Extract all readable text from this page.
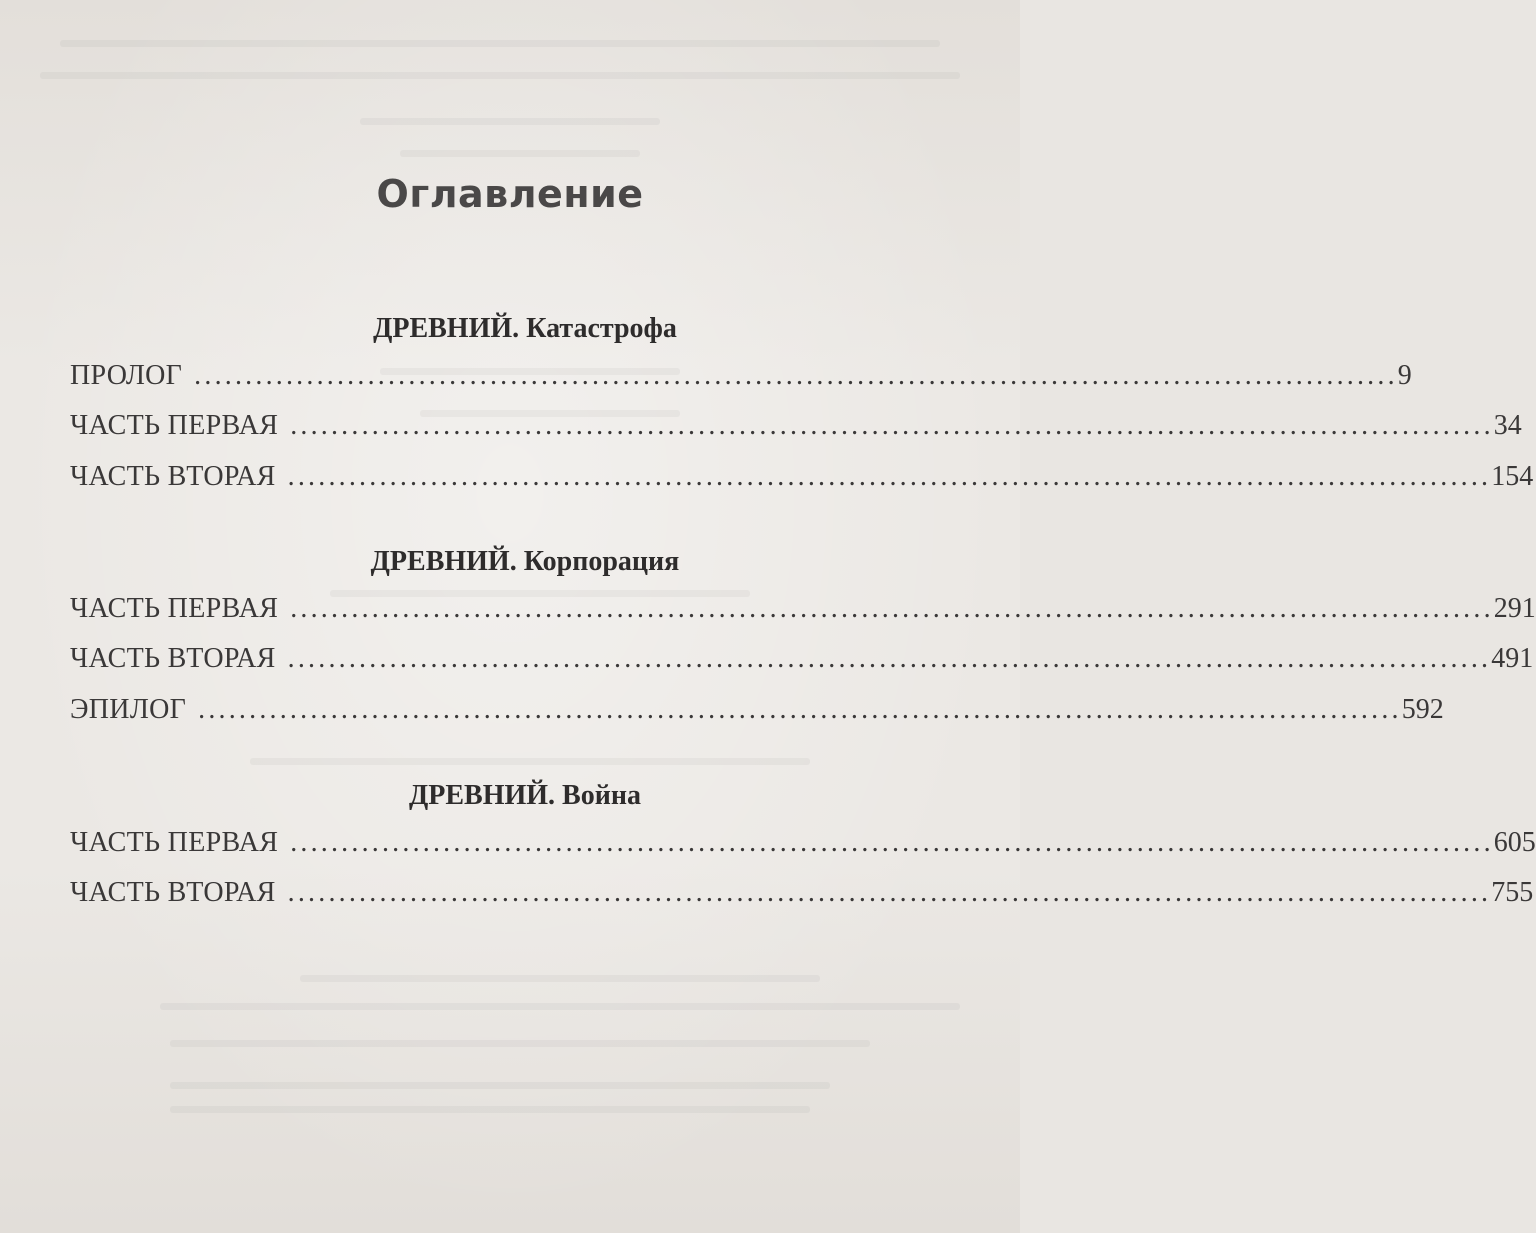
Оглавление
ДРЕВНИЙ. Катастрофа
ПРОЛОГ ...................................................................................................................... 9
ЧАСТЬ ПЕРВАЯ ...................................................................................................................... 34
ЧАСТЬ ВТОРАЯ ...................................................................................................................... 154
ДРЕВНИЙ. Корпорация
ЧАСТЬ ПЕРВАЯ ...................................................................................................................... 291
ЧАСТЬ ВТОРАЯ ...................................................................................................................... 491
ЭПИЛОГ ...................................................................................................................... 592
ДРЕВНИЙ. Война
ЧАСТЬ ПЕРВАЯ ...................................................................................................................... 605
ЧАСТЬ ВТОРАЯ ...................................................................................................................... 755
